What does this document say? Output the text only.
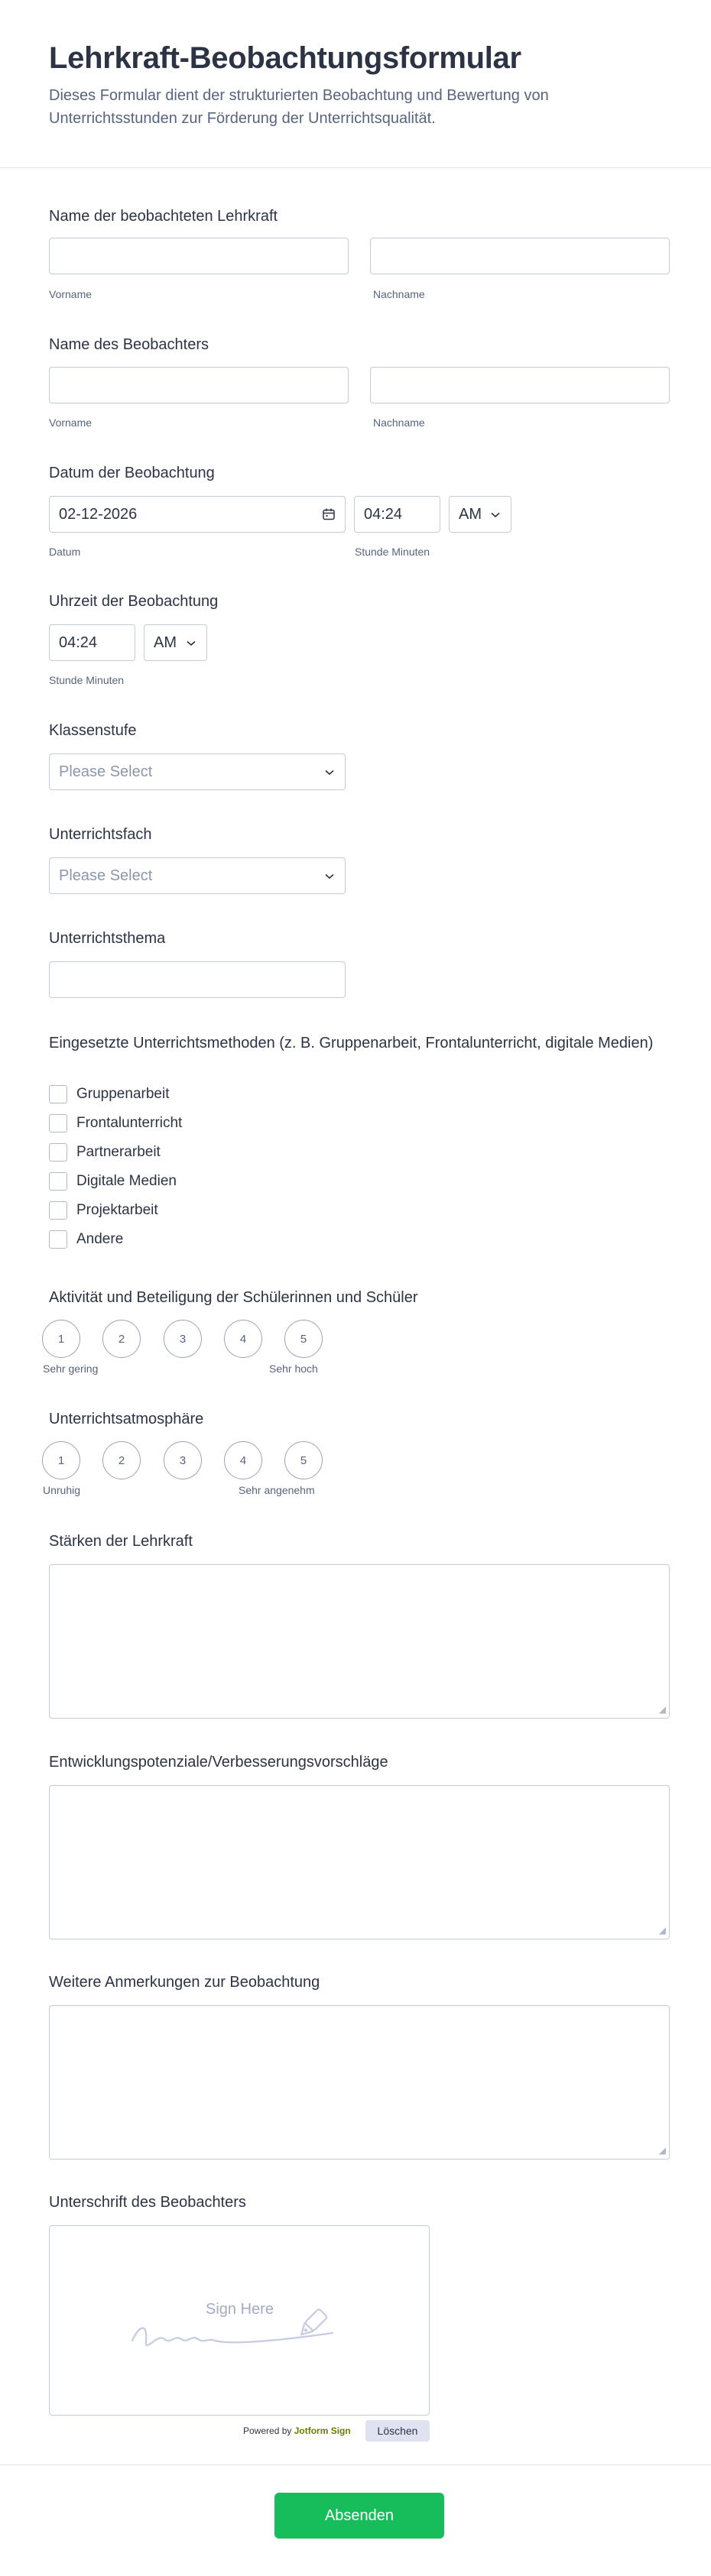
Lehrkraft-Beobachtungsformular

Dieses Formular dient der strukturierten Beobachtung und Bewertung von Unterrichtsstunden zur Förderung der Unterrichtsqualität.

Name der beobachteten Lehrkraft
Vorname	Nachname
Name des Beobachters
Vorname	Nachname
Datum der Beobachtung
02-12-2026	04:24	AM
Datum	Stunde Minuten
Uhrzeit der Beobachtung
04:24	AM
Stunde Minuten
Klassenstufe
Please Select
Unterrichtsfach
Please Select
Unterrichtsthema
Eingesetzte Unterrichtsmethoden (z. B. Gruppenarbeit, Frontalunterricht, digitale Medien)
Gruppenarbeit
Frontalunterricht
Partnerarbeit
Digitale Medien
Projektarbeit
Andere
Aktivität und Beteiligung der Schülerinnen und Schüler
1	2	3	4	5
Sehr gering	Sehr hoch
Unterrichtsatmosphäre
1	2	3	4	5
Unruhig	Sehr angenehm
Stärken der Lehrkraft
◢
Entwicklungspotenziale/Verbesserungsvorschläge
◢
Weitere Anmerkungen zur Beobachtung
◢
Unterschrift des Beobachters
Sign Here
Powered by Jotform Sign	Löschen
Absenden
